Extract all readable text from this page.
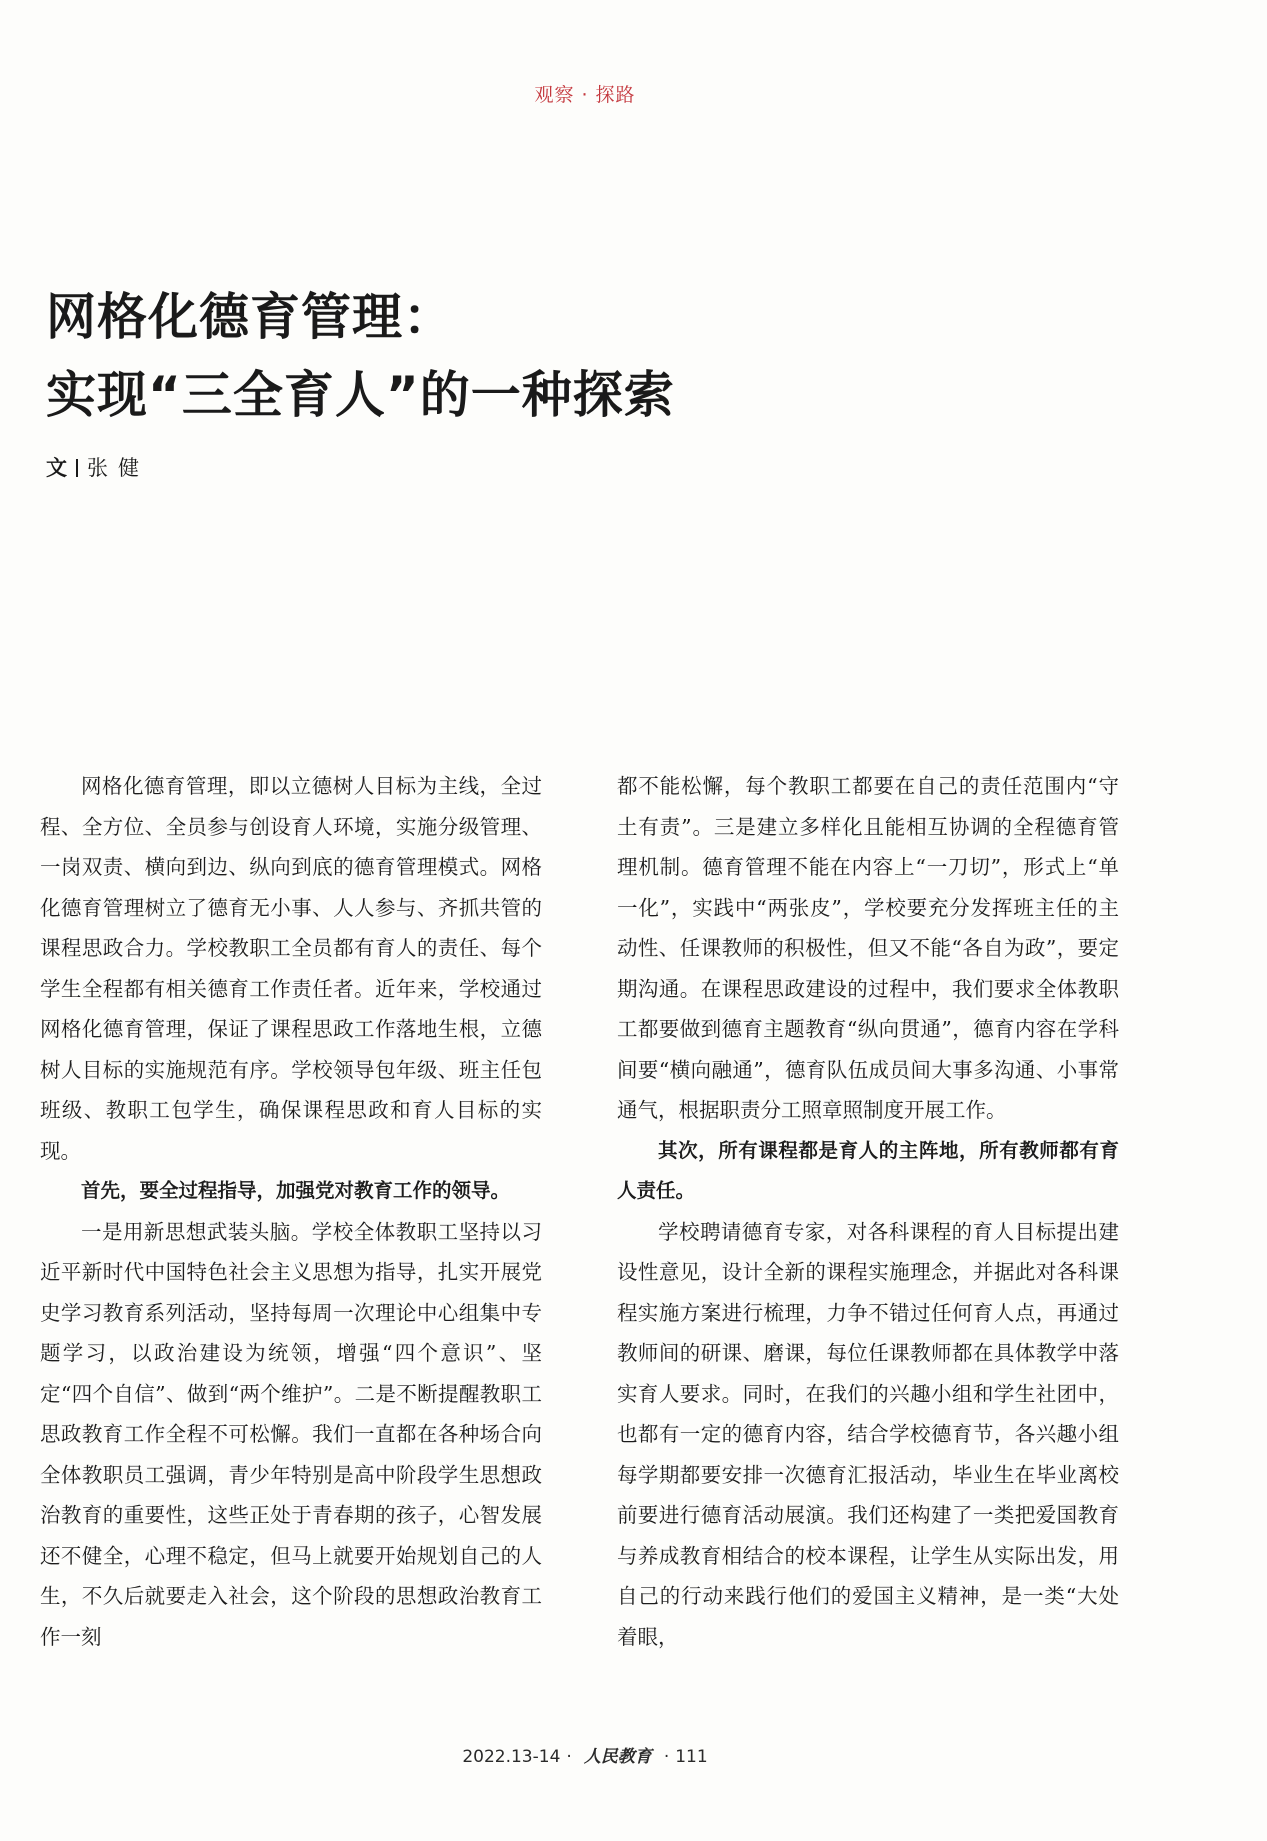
观察 · 探路
网格化德育管理：
实现“三全育人”的一种探索
文 张健

网格化德育管理，即以立德树人目标为主线，全过程、全方位、全员参与创设育人环境，实施分级管理、一岗双责、横向到边、纵向到底的德育管理模式。网格化德育管理树立了德育无小事、人人参与、齐抓共管的课程思政合力。学校教职工全员都有育人的责任、每个学生全程都有相关德育工作责任者。近年来，学校通过网格化德育管理，保证了课程思政工作落地生根，立德树人目标的实施规范有序。学校领导包年级、班主任包班级、教职工包学生，确保课程思政和育人目标的实现。

首先，要全过程指导，加强党对教育工作的领导。

一是用新思想武装头脑。学校全体教职工坚持以习近平新时代中国特色社会主义思想为指导，扎实开展党史学习教育系列活动，坚持每周一次理论中心组集中专题学习，以政治建设为统领，增强“四个意识”、坚定“四个自信”、做到“两个维护”。二是不断提醒教职工思政教育工作全程不可松懈。我们一直都在各种场合向全体教职员工强调，青少年特别是高中阶段学生思想政治教育的重要性，这些正处于青春期的孩子，心智发展还不健全，心理不稳定，但马上就要开始规划自己的人生，不久后就要走入社会，这个阶段的思想政治教育工作一刻

都不能松懈，每个教职工都要在自己的责任范围内“守土有责”。三是建立多样化且能相互协调的全程德育管理机制。德育管理不能在内容上“一刀切”，形式上“单一化”，实践中“两张皮”，学校要充分发挥班主任的主动性、任课教师的积极性，但又不能“各自为政”，要定期沟通。在课程思政建设的过程中，我们要求全体教职工都要做到德育主题教育“纵向贯通”，德育内容在学科间要“横向融通”，德育队伍成员间大事多沟通、小事常通气，根据职责分工照章照制度开展工作。

其次，所有课程都是育人的主阵地，所有教师都有育人责任。

学校聘请德育专家，对各科课程的育人目标提出建设性意见，设计全新的课程实施理念，并据此对各科课程实施方案进行梳理，力争不错过任何育人点，再通过教师间的研课、磨课，每位任课教师都在具体教学中落实育人要求。同时，在我们的兴趣小组和学生社团中，也都有一定的德育内容，结合学校德育节，各兴趣小组每学期都要安排一次德育汇报活动，毕业生在毕业离校前要进行德育活动展演。我们还构建了一类把爱国教育与养成教育相结合的校本课程，让学生从实际出发，用自己的行动来践行他们的爱国主义精神，是一类“大处着眼，

2022.13-14 · 人民教育 · 111
